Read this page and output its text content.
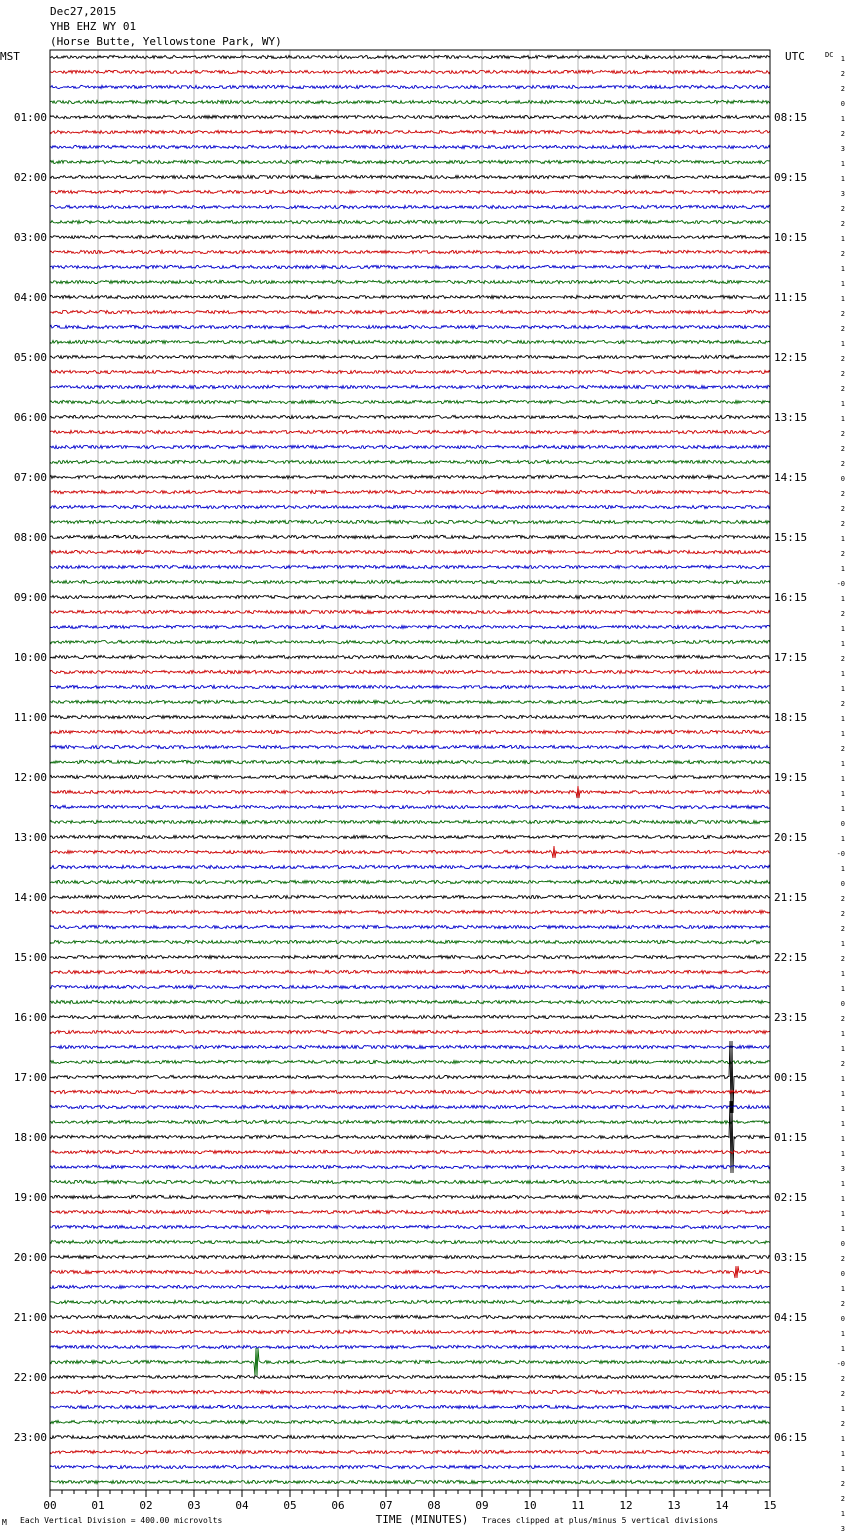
Dec27,2015
YHB EHZ WY 01
(Horse Butte, Yellowstone Park, WY)
MST	UTC	DC
01:00
02:00
03:00
04:00
05:00
06:00
07:00
08:00
09:00
10:00
11:00
12:00
13:00
14:00
15:00
16:00
17:00
18:00
19:00
20:00
21:00
22:00
23:00
08:15
09:15
10:15
11:15
12:15
13:15
14:15
15:15
16:15
17:15
18:15
19:15
20:15
21:15
22:15
23:15
00:15
01:15
02:15
03:15
04:15
05:15
06:15
1
2
2
0
1
2
3
1
1
3
2
2
1
2
1
1
1
2
2
1
2
2
2
1
1
2
2
2
0
2
2
2
1
2
1
-0
1
2
1
1
2
1
1
2
1
1
2
1
1
1
1
0
1
-0
1
0
2
2
2
1
2
1
1
0
2
1
1
2
1
1
1
1
1
1
3
1
1
1
1
0
2
0
1
2
0
1
1
-0
2
2
1
2
1
1
1
2
2
1
3
00	01	02	03	04	05	06	07	08	09	10	11	12	13	14	15
TIME (MINUTES)
M Each Vertical Division = 400.00 microvolts	Traces clipped at plus/minus 5 vertical divisions
